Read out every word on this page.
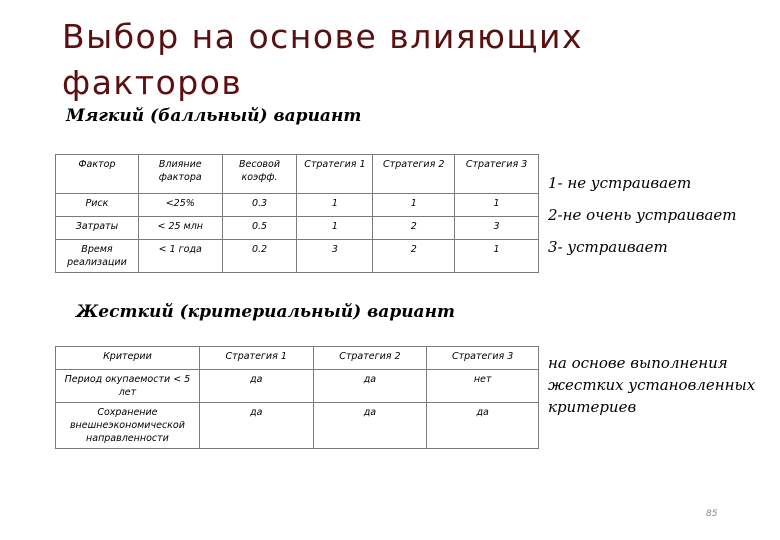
Выбор на основе влияющих факторов
Мягкий (балльный) вариант
Фактор	Влияние фактора	Весовой коэфф.	Стратегия 1	Стратегия 2	Стратегия 3
Риск	<25%	0.3	1	1	1
Затраты	< 25 млн	0.5	1	2	3
Время реализации	< 1 года	0.2	3	2	1
1- не устраивает
2-не очень устраивает
3- устраивает
Жесткий (критериальный) вариант
Критерии	Стратегия 1	Стратегия 2	Стратегия 3
Период окупаемости < 5 лет	да	да	нет
Сохранение внешнеэкономической направленности	да	да	да
на основе выполнения жестких установленных критериев
85
